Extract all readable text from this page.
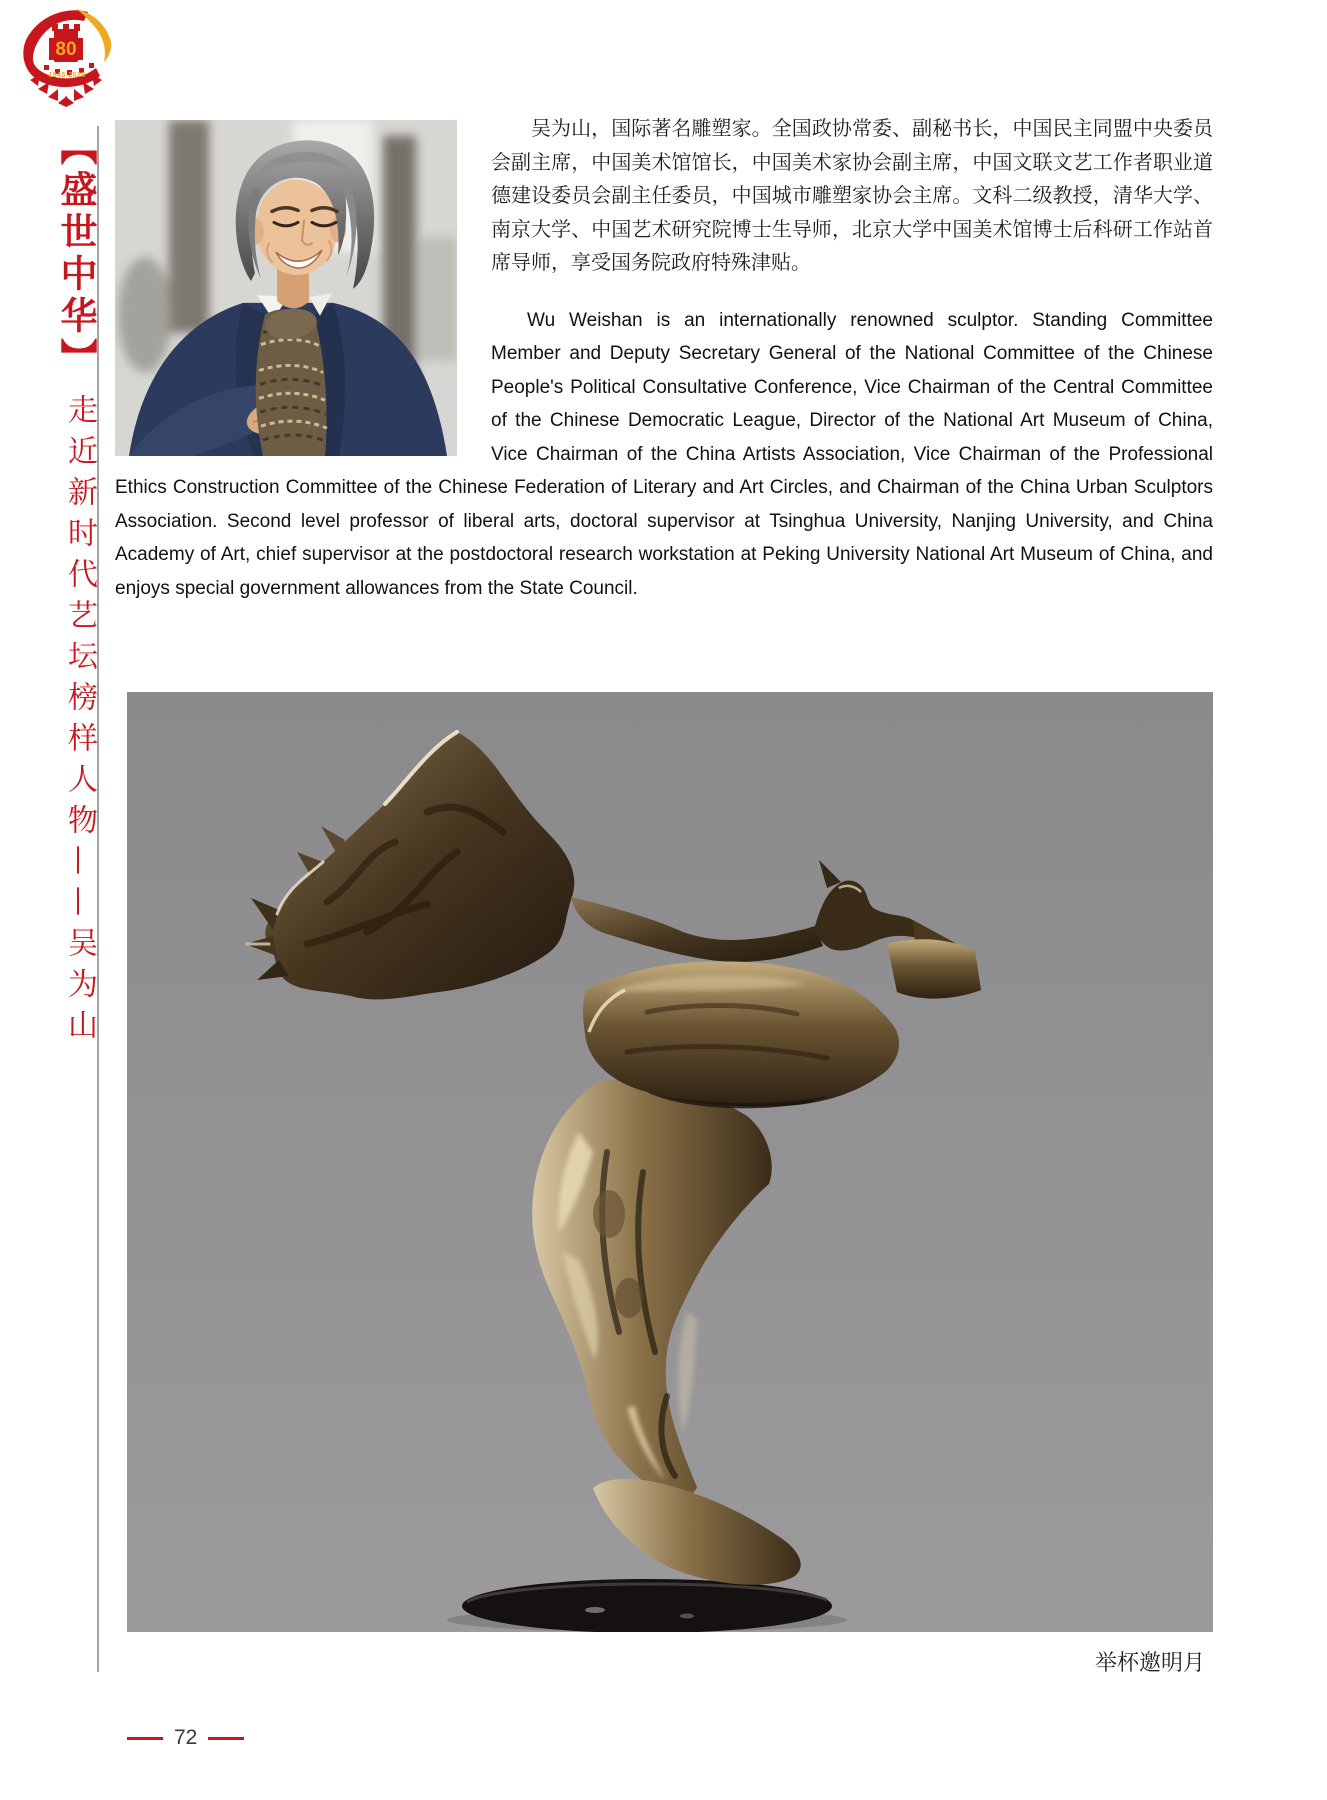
80
1945-2025
【盛世中华】
走近新时代艺坛榜样人物——吴为山

吴为山，国际著名雕塑家。全国政协常委、副秘书长，中国民主同盟中央委员会副主席，中国美术馆馆长，中国美术家协会副主席，中国文联文艺工作者职业道德建设委员会副主任委员，中国城市雕塑家协会主席。文科二级教授，清华大学、南京大学、中国艺术研究院博士生导师，北京大学中国美术馆博士后科研工作站首席导师，享受国务院政府特殊津贴。

Wu Weishan is an internationally renowned sculptor. Standing Committee Member and Deputy Secretary General of the National Committee of the Chinese People's Political Consultative Conference, Vice Chairman of the Central Committee of the Chinese Democratic League, Director of the National Art Museum of China, Vice Chairman of the China Artists Association, Vice Chairman of the Professional Ethics Construction Committee of the Chinese Federation of Literary and Art Circles, and Chairman of the China Urban Sculptors Association. Second level professor of liberal arts, doctoral supervisor at Tsinghua University, Nanjing University, and China Academy of Art, chief supervisor at the postdoctoral research workstation at Peking University National Art Museum of China, and enjoys special government allowances from the State Council.

举杯邀明月
72
